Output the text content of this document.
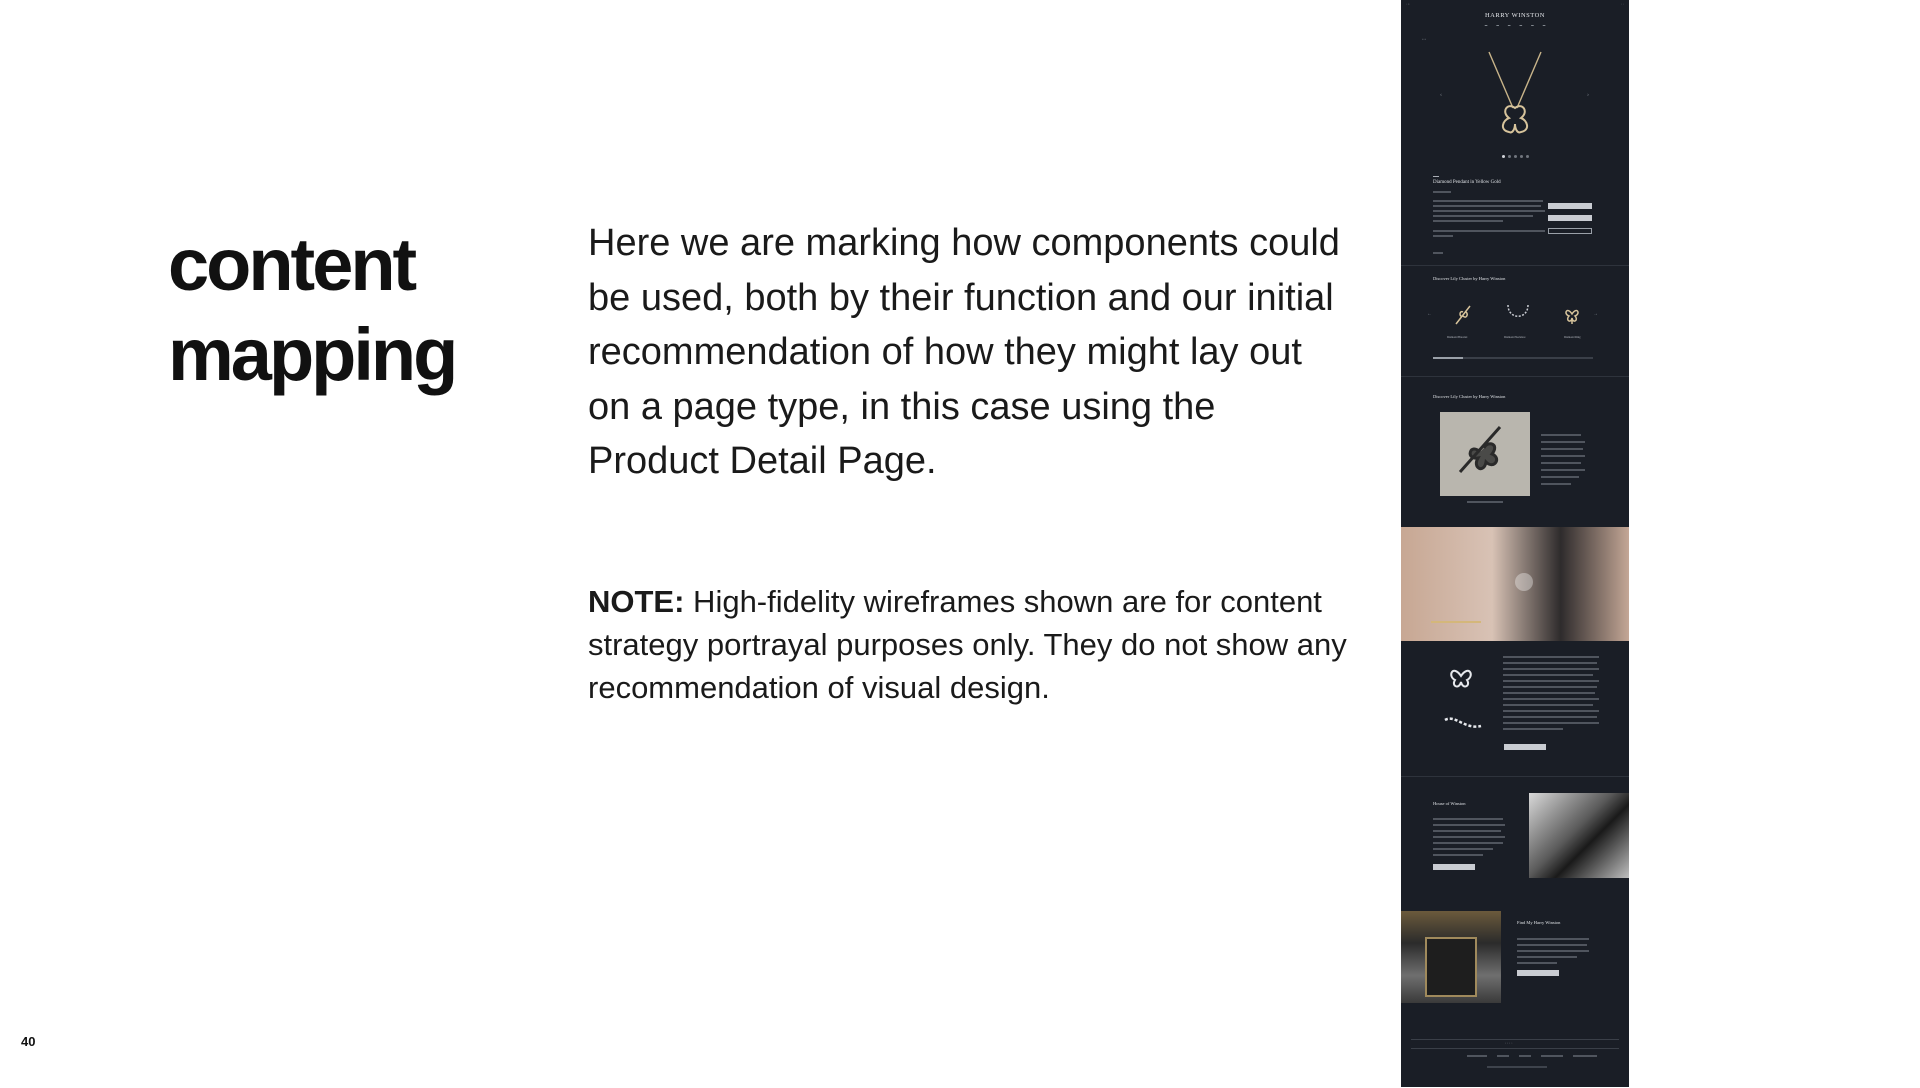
content
mapping

Here we are marking how components could be used, both by their function and our initial recommendation of how they might lay out on a page type, in this case using the Product Detail Page.

NOTE: High-fidelity wireframes shown are for content strategy portrayal purposes only. They do not show any recommendation of visual design.

40
◦ ⌕	◦ ◦
HARRY WINSTON
▬	▬	▬	▬	▬	▬
▪ ▪ ▪
‹	›
▬▬
Diamond Pendant in Yellow Gold
Discover Lily Cluster by Harry Winston
←	→
Diamond Bracelet	Diamond Necklace	Diamond Ring
Discover Lily Cluster by Harry Winston
House of Winston
Find My Harry Winston
◦◦◦◦
